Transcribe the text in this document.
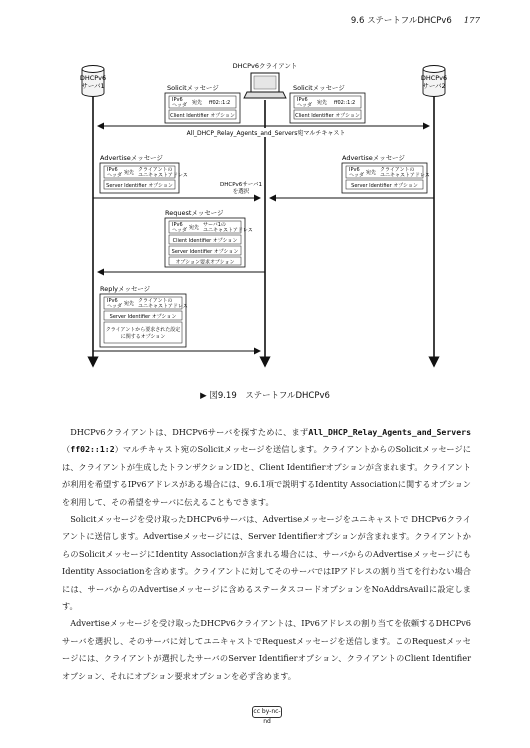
9.6 ステートフルDHCPv6 177
DHCPv6
サーバ1
DHCPv6
サーバ2
DHCPv6クライアント
Solicitメッセージ
IPv6
ヘッダ 宛先 ff02::1:2
Client Identifier オプション
Solicitメッセージ
IPv6
ヘッダ 宛先 ff02::1:2
Client Identifier オプション
All_DHCP_Relay_Agents_and_Servers宛マルチキャスト
Advertiseメッセージ
IPv6
ヘッダ 宛先 クライアントの
ユニキャストアドレス
Server Identifier オプション
Advertiseメッセージ
IPv6
ヘッダ 宛先 クライアントの
ユニキャストアドレス
Server Identifier オプション
DHCPv6サーバ1
を選択
Requestメッセージ
IPv6
ヘッダ 宛先 サーバ1の
ユニキャストアドレス
Client Identifier オプション
Server Identifier オプション
オプション要求オプション
Replyメッセージ
IPv6
ヘッダ 宛先 クライアントの
ユニキャストアドレス
Server Identifier オプション
クライアントから要求された設定に関するオプション
▶ 図9.19　ステートフルDHCPv6

DHCPv6クライアントは、DHCPv6サーバを探すために、まずAll_DHCP_Relay_Agents_and_Servers（ff02::1:2）マルチキャスト宛のSolicitメッセージを送信します。クライアントからのSolicitメッセージには、クライアントが生成したトランザクションIDと、Client Identifierオプションが含まれます。クライアントが利用を希望するIPv6アドレスがある場合には、9.6.1項で説明するIdentity Associationに関するオプションを利用して、その希望をサーバに伝えることもできます。

Solicitメッセージを受け取ったDHCPv6サーバは、Advertiseメッセージをユニキャストで DHCPv6クライアントに送信します。Advertiseメッセージには、Server Identifierオプションが含まれます。クライアントからのSolicitメッセージにIdentity Associationが含まれる場合には、サーバからのAdvertiseメッセージにもIdentity Associationを含めます。クライアントに対してそのサーバではIPアドレスの割り当てを行わない場合には、サーバからのAdvertiseメッセージに含めるステータスコードオプションをNoAddrsAvailに設定します。

Advertiseメッセージを受け取ったDHCPv6クライアントは、IPv6アドレスの割り当てを依頼するDHCPv6サーバを選択し、そのサーバに対してユニキャストでRequestメッセージを送信します。このRequestメッセージには、クライアントが選択したサーバのServer Identifierオプション、クライアントのClient Identifierオプション、それにオプション要求オプションを必ず含めます。

cc by-nc-nd
